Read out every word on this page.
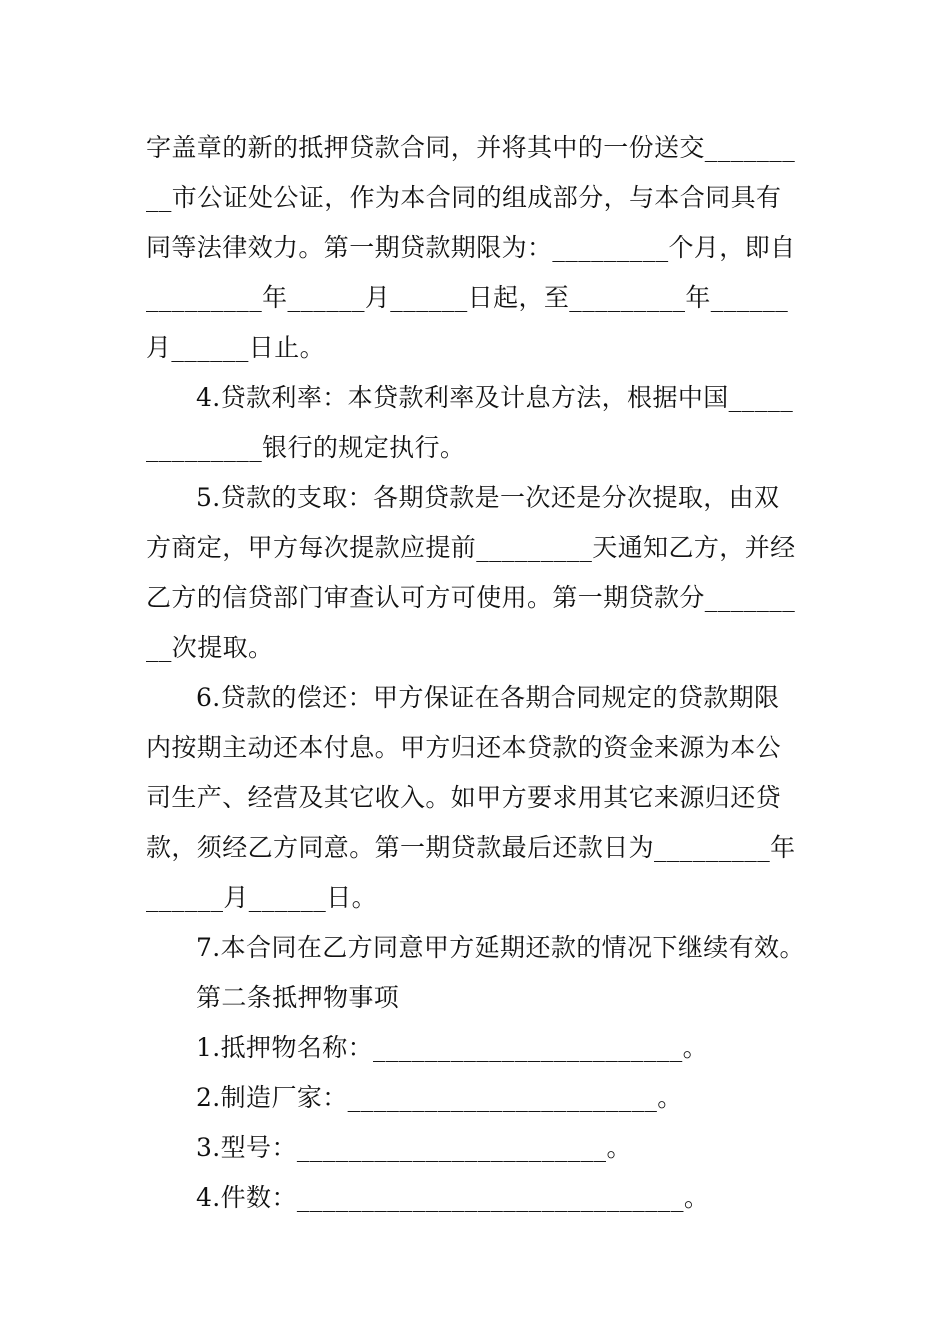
字盖章的新的抵押贷款合同，并将其中的一份送交_______

__市公证处公证，作为本合同的组成部分，与本合同具有

同等法律效力。第一期贷款期限为：_________个月，即自

_________年______月______日起，至_________年______

月______日止。

4.贷款利率：本贷款利率及计息方法，根据中国_____

_________银行的规定执行。

5.贷款的支取：各期贷款是一次还是分次提取，由双

方商定，甲方每次提款应提前_________天通知乙方，并经

乙方的信贷部门审查认可方可使用。第一期贷款分_______

__次提取。

6.贷款的偿还：甲方保证在各期合同规定的贷款期限

内按期主动还本付息。甲方归还本贷款的资金来源为本公

司生产、经营及其它收入。如甲方要求用其它来源归还贷

款，须经乙方同意。第一期贷款最后还款日为_________年

______月______日。

7.本合同在乙方同意甲方延期还款的情况下继续有效。

第二条抵押物事项

1.抵押物名称：________________________。

2.制造厂家：________________________。

3.型号：________________________。

4.件数：______________________________。
